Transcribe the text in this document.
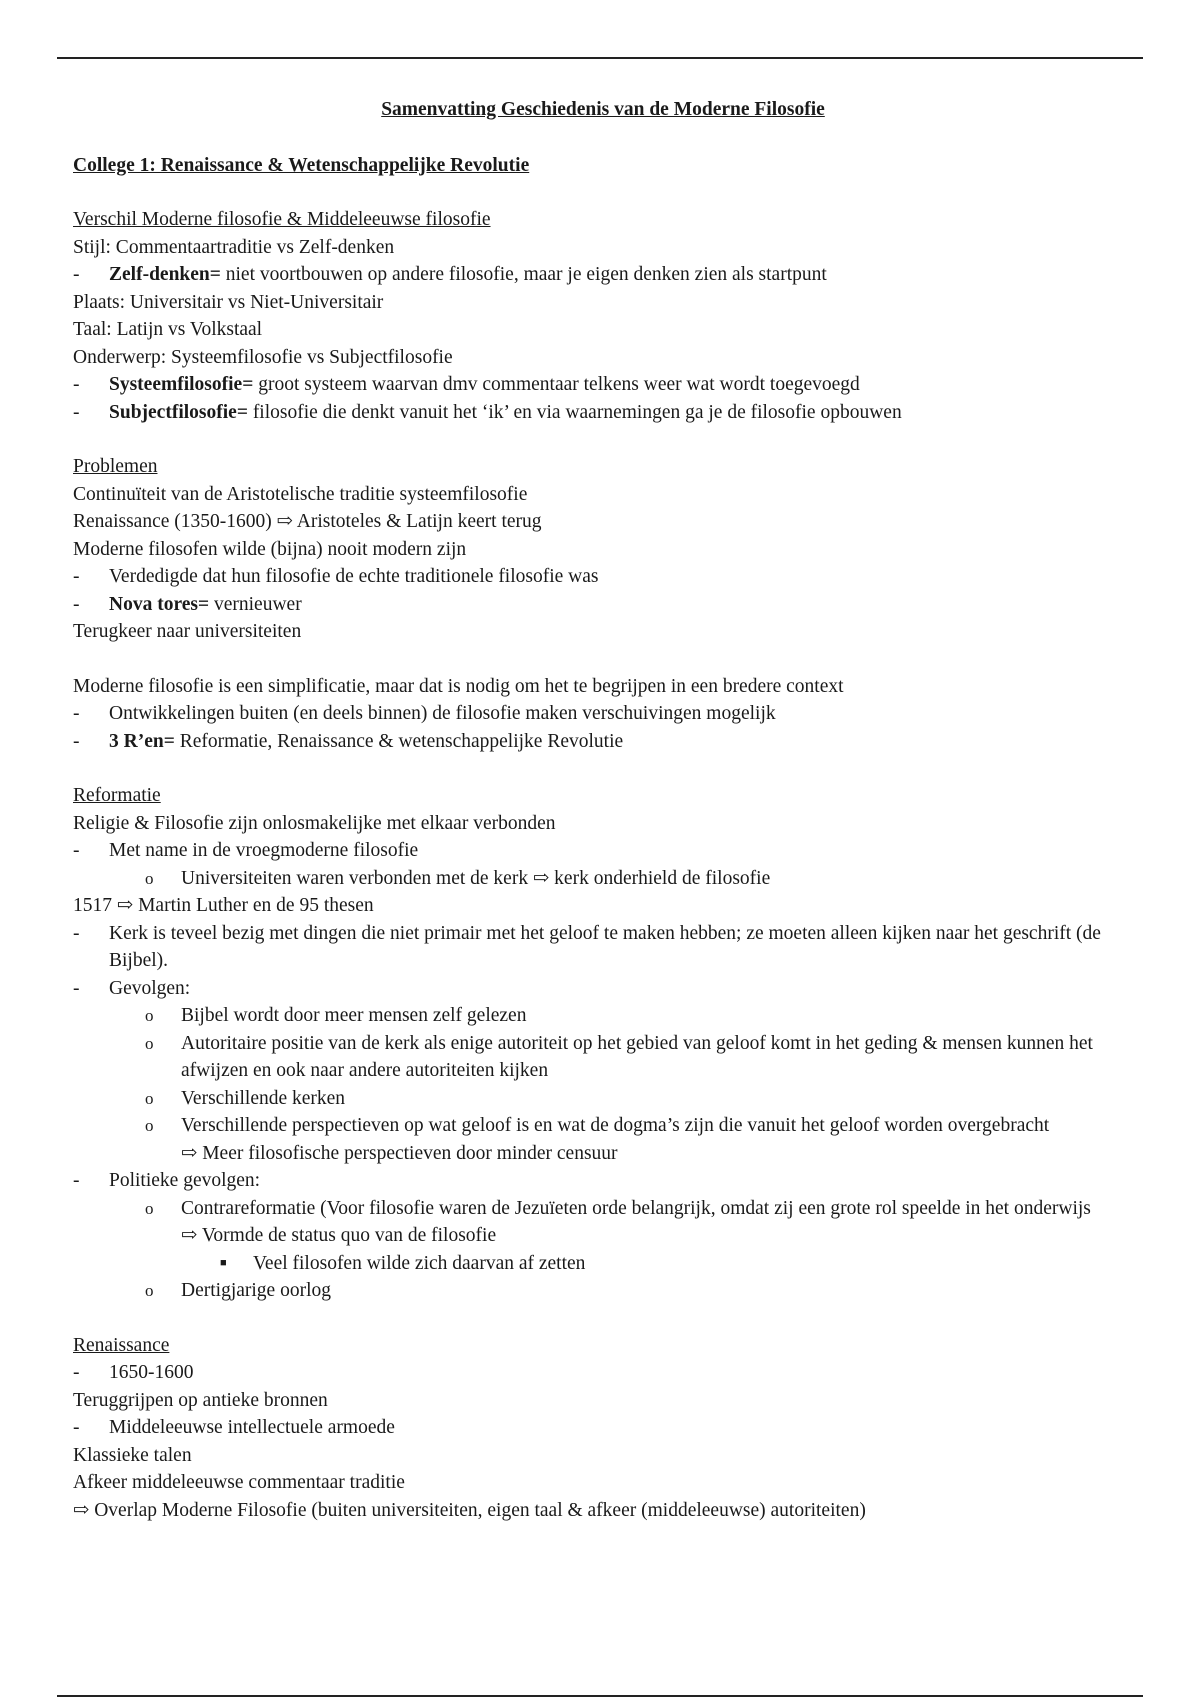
Samenvatting Geschiedenis van de Moderne Filosofie
College 1: Renaissance & Wetenschappelijke Revolutie
Verschil Moderne filosofie & Middeleeuwse filosofie
Stijl: Commentaartraditie vs Zelf-denken
- Zelf-denken= niet voortbouwen op andere filosofie, maar je eigen denken zien als startpunt
Plaats: Universitair vs Niet-Universitair
Taal: Latijn vs Volkstaal
Onderwerp: Systeemfilosofie vs Subjectfilosofie
- Systeemfilosofie= groot systeem waarvan dmv commentaar telkens weer wat wordt toegevoegd
- Subjectfilosofie= filosofie die denkt vanuit het ‘ik’ en via waarnemingen ga je de filosofie opbouwen
Problemen
Continuïteit van de Aristotelische traditie systeemfilosofie
Renaissance (1350-1600) ⇨ Aristoteles & Latijn keert terug
Moderne filosofen wilde (bijna) nooit modern zijn
- Verdedigde dat hun filosofie de echte traditionele filosofie was
- Nova tores= vernieuwer
Terugkeer naar universiteiten
Moderne filosofie is een simplificatie, maar dat is nodig om het te begrijpen in een bredere context
- Ontwikkelingen buiten (en deels binnen) de filosofie maken verschuivingen mogelijk
- 3 R’en= Reformatie, Renaissance & wetenschappelijke Revolutie
Reformatie
Religie & Filosofie zijn onlosmakelijke met elkaar verbonden
- Met name in de vroegmoderne filosofie
o Universiteiten waren verbonden met de kerk ⇨ kerk onderhield de filosofie
1517 ⇨ Martin Luther en de 95 thesen
- Kerk is teveel bezig met dingen die niet primair met het geloof te maken hebben; ze moeten alleen kijken naar het geschrift (de Bijbel).
- Gevolgen:
o Bijbel wordt door meer mensen zelf gelezen
o Autoritaire positie van de kerk als enige autoriteit op het gebied van geloof komt in het geding & mensen kunnen het afwijzen en ook naar andere autoriteiten kijken
o Verschillende kerken
o Verschillende perspectieven op wat geloof is en wat de dogma’s zijn die vanuit het geloof worden overgebracht
⇨ Meer filosofische perspectieven door minder censuur
- Politieke gevolgen:
o Contrareformatie (Voor filosofie waren de Jezuïeten orde belangrijk, omdat zij een grote rol speelde in het onderwijs
⇨ Vormde de status quo van de filosofie
■ Veel filosofen wilde zich daarvan af zetten
o Dertigjarige oorlog
Renaissance
- 1650-1600
Teruggrijpen op antieke bronnen
- Middeleeuwse intellectuele armoede
Klassieke talen
Afkeer middeleeuwse commentaar traditie
⇨ Overlap Moderne Filosofie (buiten universiteiten, eigen taal & afkeer (middeleeuwse) autoriteiten)
